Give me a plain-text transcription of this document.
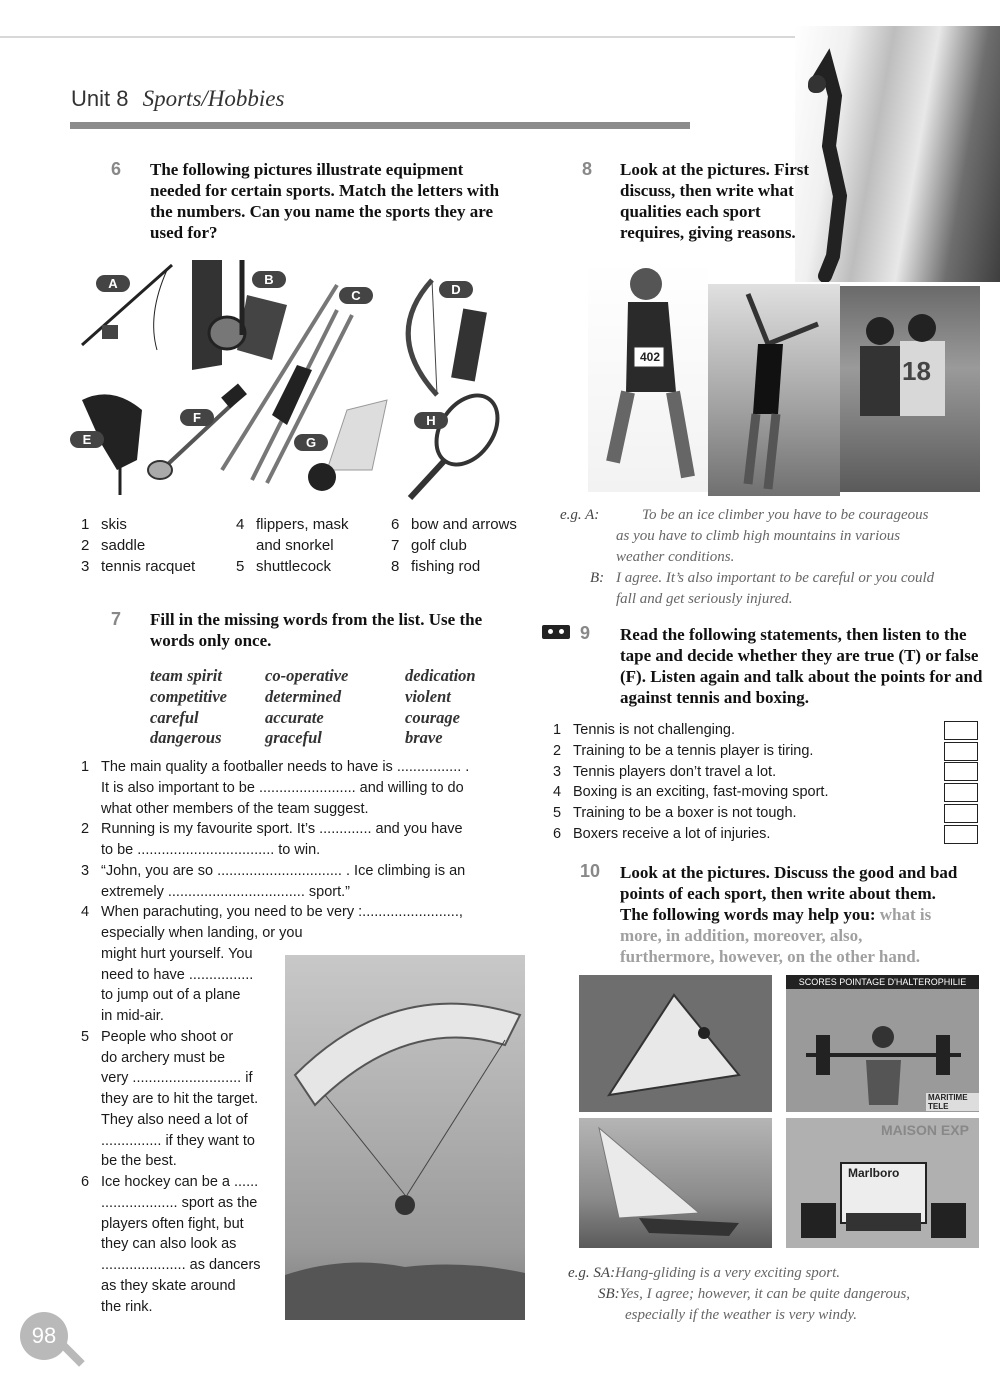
Unit 8 Sports/Hobbies
6 The following pictures illustrate equipment needed for certain sports. Match the letters with the numbers. Can you name the sports they are used for?
A	B
C	D
E
F
G
H
1 skis
2 saddle
3 tennis racquet
4 flippers, mask
and snorkel
5 shuttlecock
6 bow and arrows
7 golf club
8 fishing rod
7 Fill in the missing words from the list. Use the words only once.
team spirit	co-operative	dedication
competitive	determined	violent
careful	accurate	courage
dangerous	graceful	brave
1 The main quality a footballer needs to have is ................ .
It is also important to be ........................ and willing to do
what other members of the team suggest.
2 Running is my favourite sport. It’s ............. and you have
to be .................................. to win.
3 “John, you are so ............................... . Ice climbing is an
extremely .................................. sport.”
4 When parachuting, you need to be very :........................,
especially when landing, or you
might hurt yourself. You
need to have ................
to jump out of a plane
in mid-air.
5 People who shoot or
do archery must be
very ........................... if
they are to hit the target.
They also need a lot of
............... if they want to
be the best.
6 Ice hockey can be a ......
................... sport as the
players often fight, but
they can also look as
..................... as dancers
as they skate around
the rink.
98
8 Look at the pictures. First discuss, then write what qualities each sport requires, giving reasons.
402	18
e.g. A:	To be an ice climber you have to be courageous
as you have to climb high mountains in various
weather conditions.
B: I agree. It’s also important to be careful or you could
fall and get seriously injured.
9 Read the following statements, then listen to the tape and decide whether they are true (T) or false (F). Listen again and talk about the points for and against tennis and boxing.
1 Tennis is not challenging.
2 Training to be a tennis player is tiring.
3 Tennis players don’t travel a lot.
4 Boxing is an exciting, fast-moving sport.
5 Training to be a boxer is not tough.
6 Boxers receive a lot of injuries.
10 Look at the pictures. Discuss the good and bad points of each sport, then write about them. The following words may help you: what is more, in addition, moreover, also, furthermore, however, on the other hand.
SCORES POINTAGE D'HALTEROPHILIE
MARITIME TELE
MAISON EXP
Marlboro
e.g. SA:Hang-gliding is a very exciting sport.
SB:Yes, I agree; however, it can be quite dangerous,
especially if the weather is very windy.
